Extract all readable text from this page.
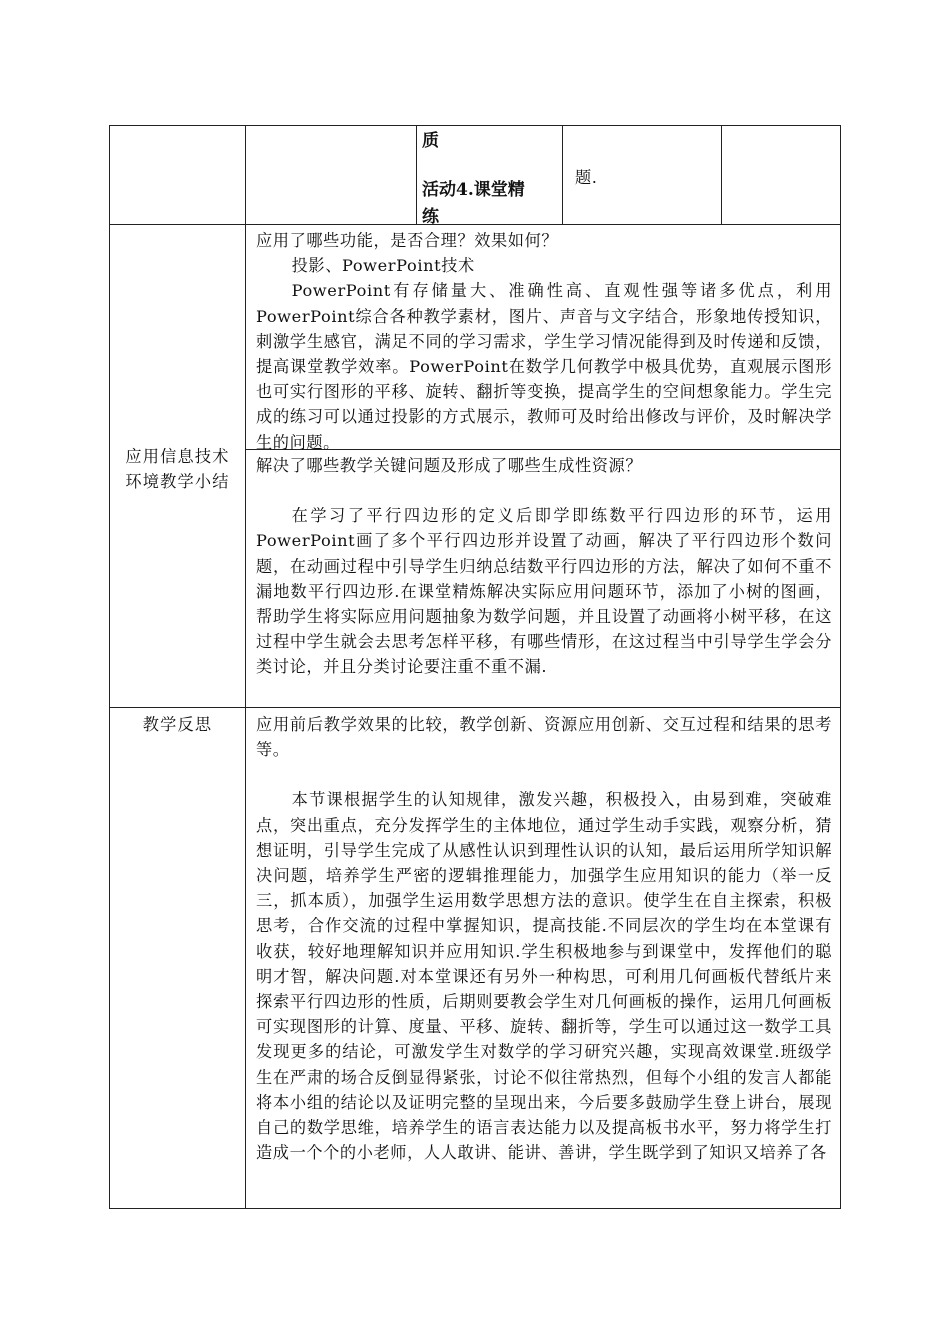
质
活动4.课堂精
练
题.
应用信息技术
环境教学小结

应用了哪些功能，是否合理？效果如何？

投影、PowerPoint技术

PowerPoint有存储量大、准确性高、直观性强等诸多优点，利用PowerPoint综合各种教学素材，图片、声音与文字结合，形象地传授知识，刺激学生感官，满足不同的学习需求，学生学习情况能得到及时传递和反馈，提高课堂教学效率。PowerPoint在数学几何教学中极具优势，直观展示图形也可实行图形的平移、旋转、翻折等变换，提高学生的空间想象能力。学生完成的练习可以通过投影的方式展示，教师可及时给出修改与评价，及时解决学生的问题。

解决了哪些教学关键问题及形成了哪些生成性资源？

在学习了平行四边形的定义后即学即练数平行四边形的环节，运用PowerPoint画了多个平行四边形并设置了动画，解决了平行四边形个数问题，在动画过程中引导学生归纳总结数平行四边形的方法，解决了如何不重不漏地数平行四边形.在课堂精炼解决实际应用问题环节，添加了小树的图画，帮助学生将实际应用问题抽象为数学问题，并且设置了动画将小树平移，在这过程中学生就会去思考怎样平移，有哪些情形，在这过程当中引导学生学会分类讨论，并且分类讨论要注重不重不漏.

教学反思	应用前后教学效果的比较，教学创新、资源应用创新、交互过程和结果的思考等。

本节课根据学生的认知规律，激发兴趣，积极投入，由易到难，突破难点，突出重点，充分发挥学生的主体地位，通过学生动手实践，观察分析，猜想证明，引导学生完成了从感性认识到理性认识的认知，最后运用所学知识解决问题，培养学生严密的逻辑推理能力，加强学生应用知识的能力（举一反三，抓本质），加强学生运用数学思想方法的意识。使学生在自主探索，积极思考，合作交流的过程中掌握知识，提高技能.不同层次的学生均在本堂课有收获，较好地理解知识并应用知识.学生积极地参与到课堂中，发挥他们的聪明才智，解决问题.对本堂课还有另外一种构思，可利用几何画板代替纸片来探索平行四边形的性质，后期则要教会学生对几何画板的操作，运用几何画板可实现图形的计算、度量、平移、旋转、翻折等，学生可以通过这一数学工具发现更多的结论，可激发学生对数学的学习研究兴趣，实现高效课堂.班级学生在严肃的场合反倒显得紧张，讨论不似往常热烈，但每个小组的发言人都能将本小组的结论以及证明完整的呈现出来，今后要多鼓励学生登上讲台，展现自己的数学思维，培养学生的语言表达能力以及提高板书水平，努力将学生打造成一个个的小老师，人人敢讲、能讲、善讲，学生既学到了知识又培养了各
